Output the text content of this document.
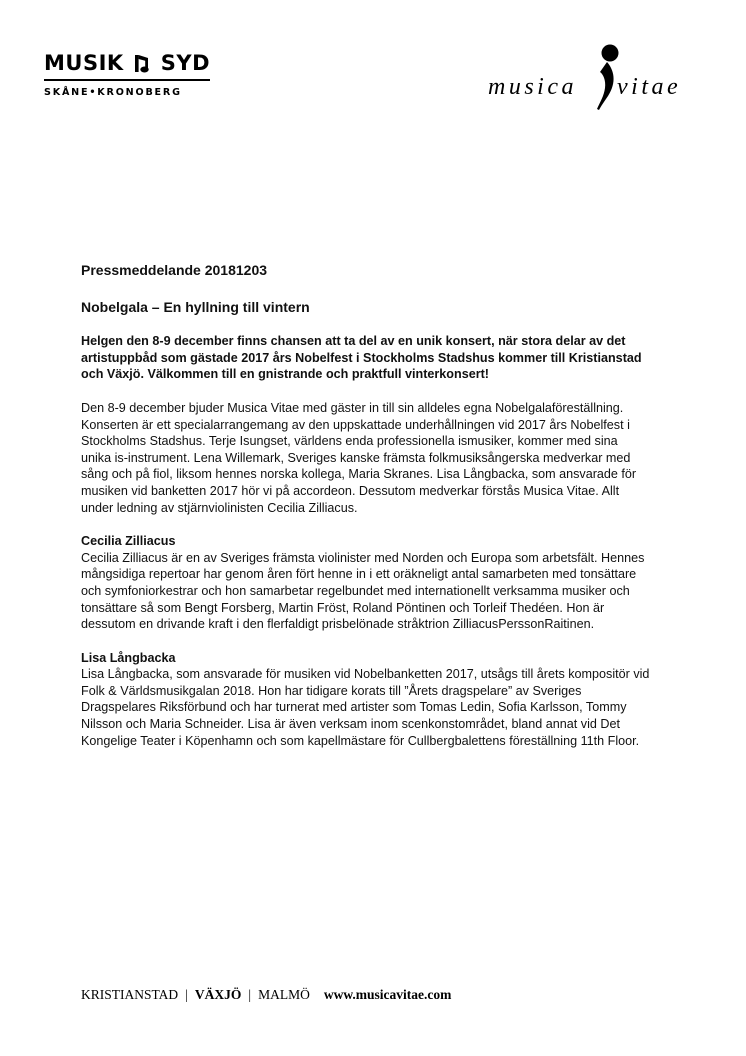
MUSIK SYD
SKÅNE•KRONOBERG	musica vitae

Pressmeddelande 20181203

Nobelgala – En hyllning till vintern

Helgen den 8-9 december finns chansen att ta del av en unik konsert, när stora delar av det artistuppbåd som gästade 2017 års Nobelfest i Stockholms Stadshus kommer till Kristianstad och Växjö. Välkommen till en gnistrande och praktfull vinterkonsert!

Den 8-9 december bjuder Musica Vitae med gäster in till sin alldeles egna Nobelgalaföreställning. Konserten är ett specialarrangemang av den uppskattade underhållningen vid 2017 års Nobelfest i Stockholms Stadshus. Terje Isungset, världens enda professionella ismusiker, kommer med sina unika is-instrument. Lena Willemark, Sveriges kanske främsta folkmusiksångerska medverkar med sång och på fiol, liksom hennes norska kollega, Maria Skranes. Lisa Långbacka, som ansvarade för musiken vid banketten 2017 hör vi på accordeon. Dessutom medverkar förstås Musica Vitae. Allt under ledning av stjärnviolinisten Cecilia Zilliacus.

Cecilia Zilliacus

Cecilia Zilliacus är en av Sveriges främsta violinister med Norden och Europa som arbetsfält. Hennes mångsidiga repertoar har genom åren fört henne in i ett oräkneligt antal samarbeten med tonsättare och symfoniorkestrar och hon samarbetar regelbundet med internationellt verksamma musiker och tonsättare så som Bengt Forsberg, Martin Fröst, Roland Pöntinen och Torleif Thedéen. Hon är dessutom en drivande kraft i den flerfaldigt prisbelönade stråktrion ZilliacusPerssonRaitinen.

Lisa Långbacka

Lisa Långbacka, som ansvarade för musiken vid Nobelbanketten 2017, utsågs till årets kompositör vid Folk & Världsmusikgalan 2018. Hon har tidigare korats till ”Årets dragspelare” av Sveriges Dragspelares Riksförbund och har turnerat med artister som Tomas Ledin, Sofia Karlsson, Tommy Nilsson och Maria Schneider. Lisa är även verksam inom scenkonstområdet, bland annat vid Det Kongelige Teater i Köpenhamn och som kapellmästare för Cullbergbalettens föreställning 11th Floor.

KRISTIANSTAD | VÄXJÖ | MALMÖ www.musicavitae.com
